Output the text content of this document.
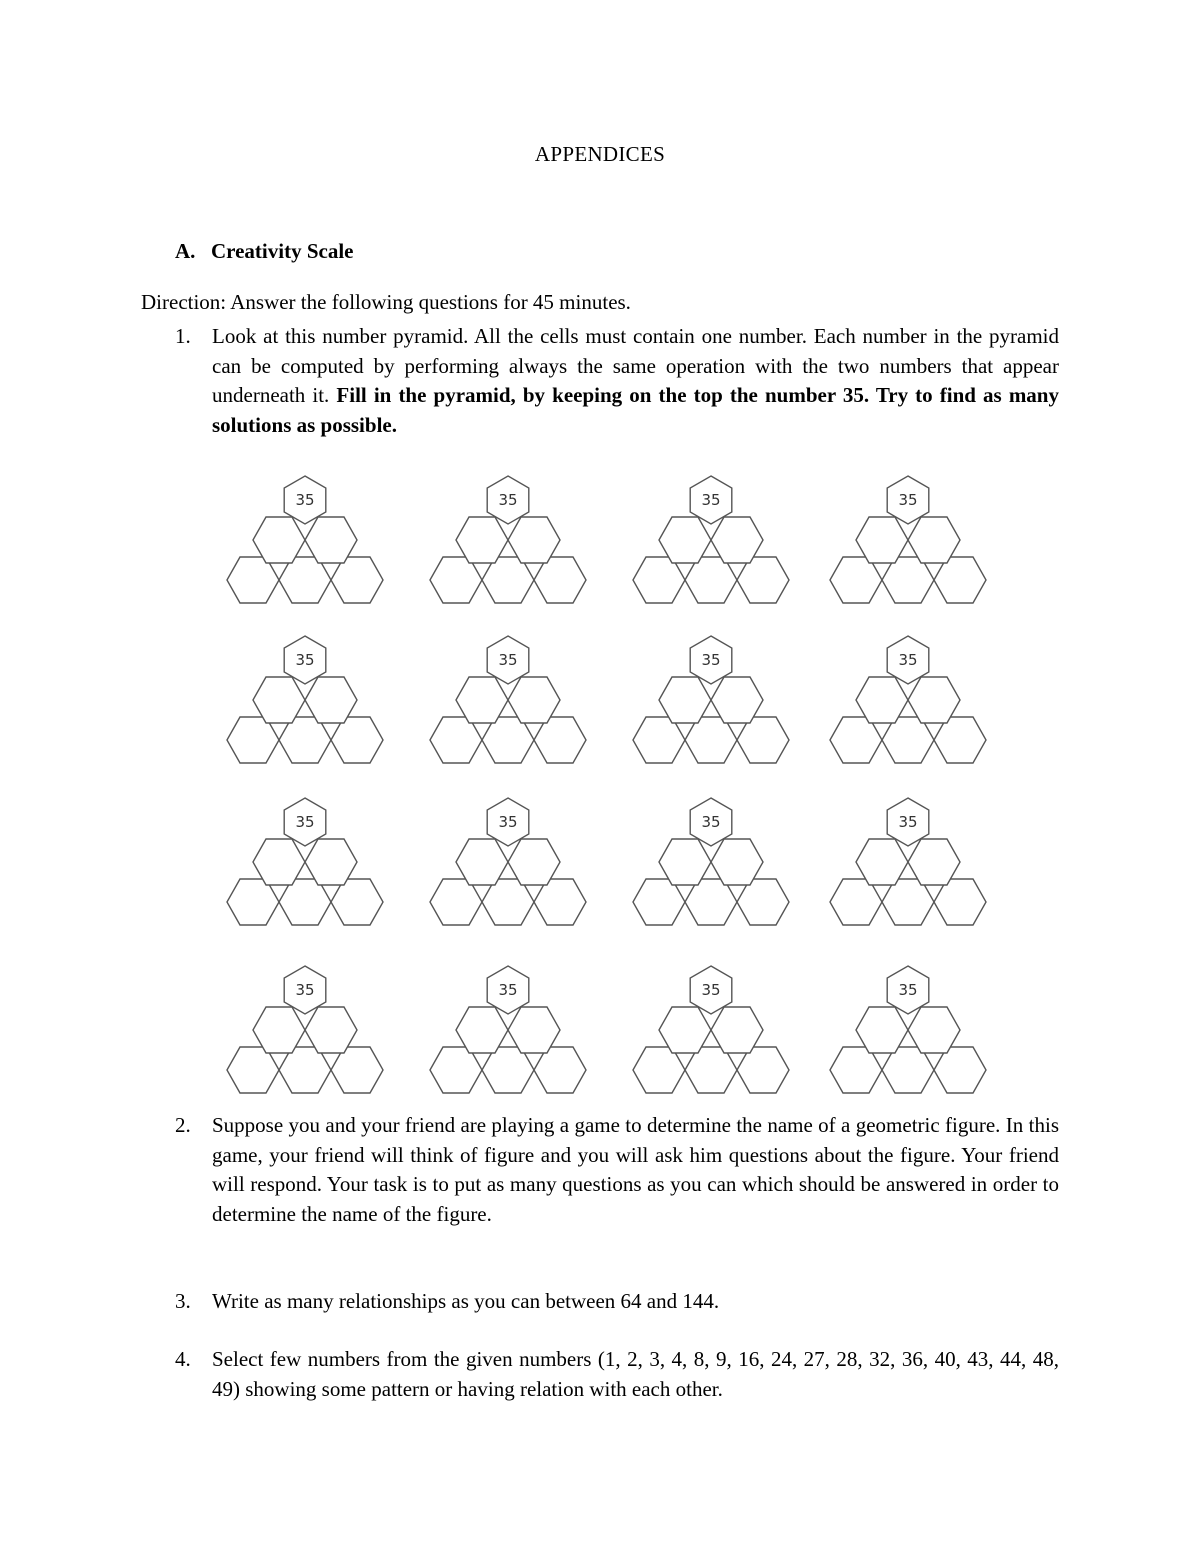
APPENDICES
A. Creativity Scale

Direction: Answer the following questions for 45 minutes.

1. Look at this number pyramid. All the cells must contain one number. Each number in the pyramid can be computed by performing always the same operation with the two numbers that appear underneath it. Fill in the pyramid, by keeping on the top the number 35. Try to find as many solutions as possible.
35	35	35	35
35	35	35	35
35	35	35	35
35	35	35	35
2. Suppose you and your friend are playing a game to determine the name of a geometric figure. In this game, your friend will think of figure and you will ask him questions about the figure. Your friend will respond. Your task is to put as many questions as you can which should be answered in order to determine the name of the figure.
3. Write as many relationships as you can between 64 and 144.
4. Select few numbers from the given numbers (1, 2, 3, 4, 8, 9, 16, 24, 27, 28, 32, 36, 40, 43, 44, 48, 49) showing some pattern or having relation with each other.
